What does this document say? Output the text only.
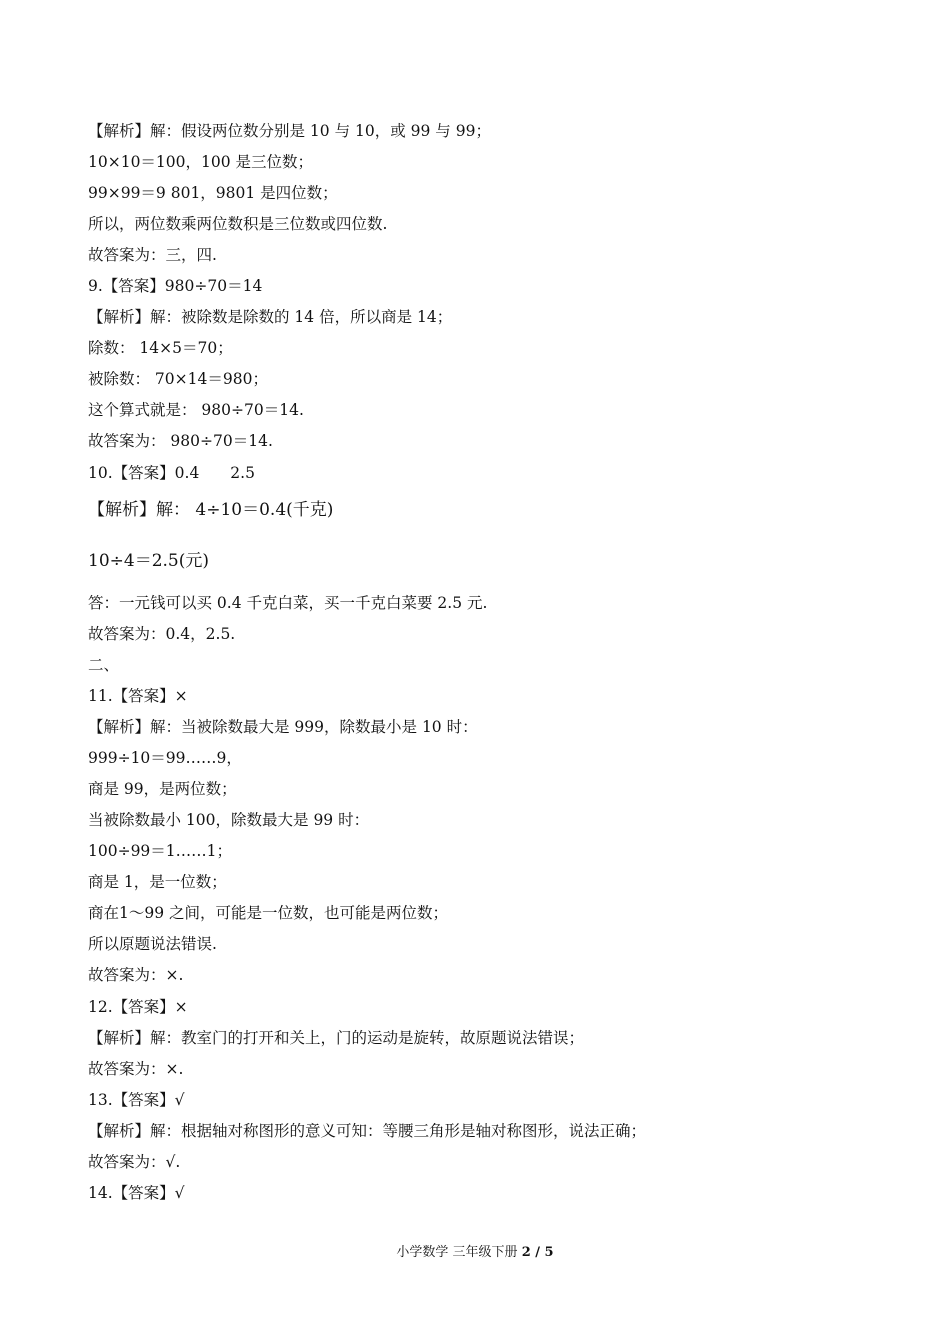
【解析】解：假设两位数分别是 10 与 10，或 99 与 99；
10×10＝100，100 是三位数；
99×99＝9 801，9801 是四位数；
所以，两位数乘两位数积是三位数或四位数.
故答案为：三，四.
9.【答案】980÷70＝14
【解析】解：被除数是除数的 14 倍，所以商是 14；
除数： 14×5＝70；
被除数： 70×14＝980；
这个算式就是： 980÷70＝14.
故答案为： 980÷70＝14.
10.【答案】0.4　　2.5
【解析】解： 4÷10＝0.4(千克)
10÷4＝2.5(元)
答：一元钱可以买 0.4 千克白菜，买一千克白菜要 2.5 元.
故答案为：0.4，2.5.
二、
11.【答案】×
【解析】解：当被除数最大是 999，除数最小是 10 时：
999÷10＝99……9，
商是 99，是两位数；
当被除数最小 100，除数最大是 99 时：
100÷99＝1……1；
商是 1，是一位数；
商在1～99 之间，可能是一位数，也可能是两位数；
所以原题说法错误.
故答案为：×.
12.【答案】×
【解析】解：教室门的打开和关上，门的运动是旋转，故原题说法错误；
故答案为：×.
13.【答案】√
【解析】解：根据轴对称图形的意义可知：等腰三角形是轴对称图形，说法正确；
故答案为：√.
14.【答案】√
小学数学 三年级下册 2 / 5
